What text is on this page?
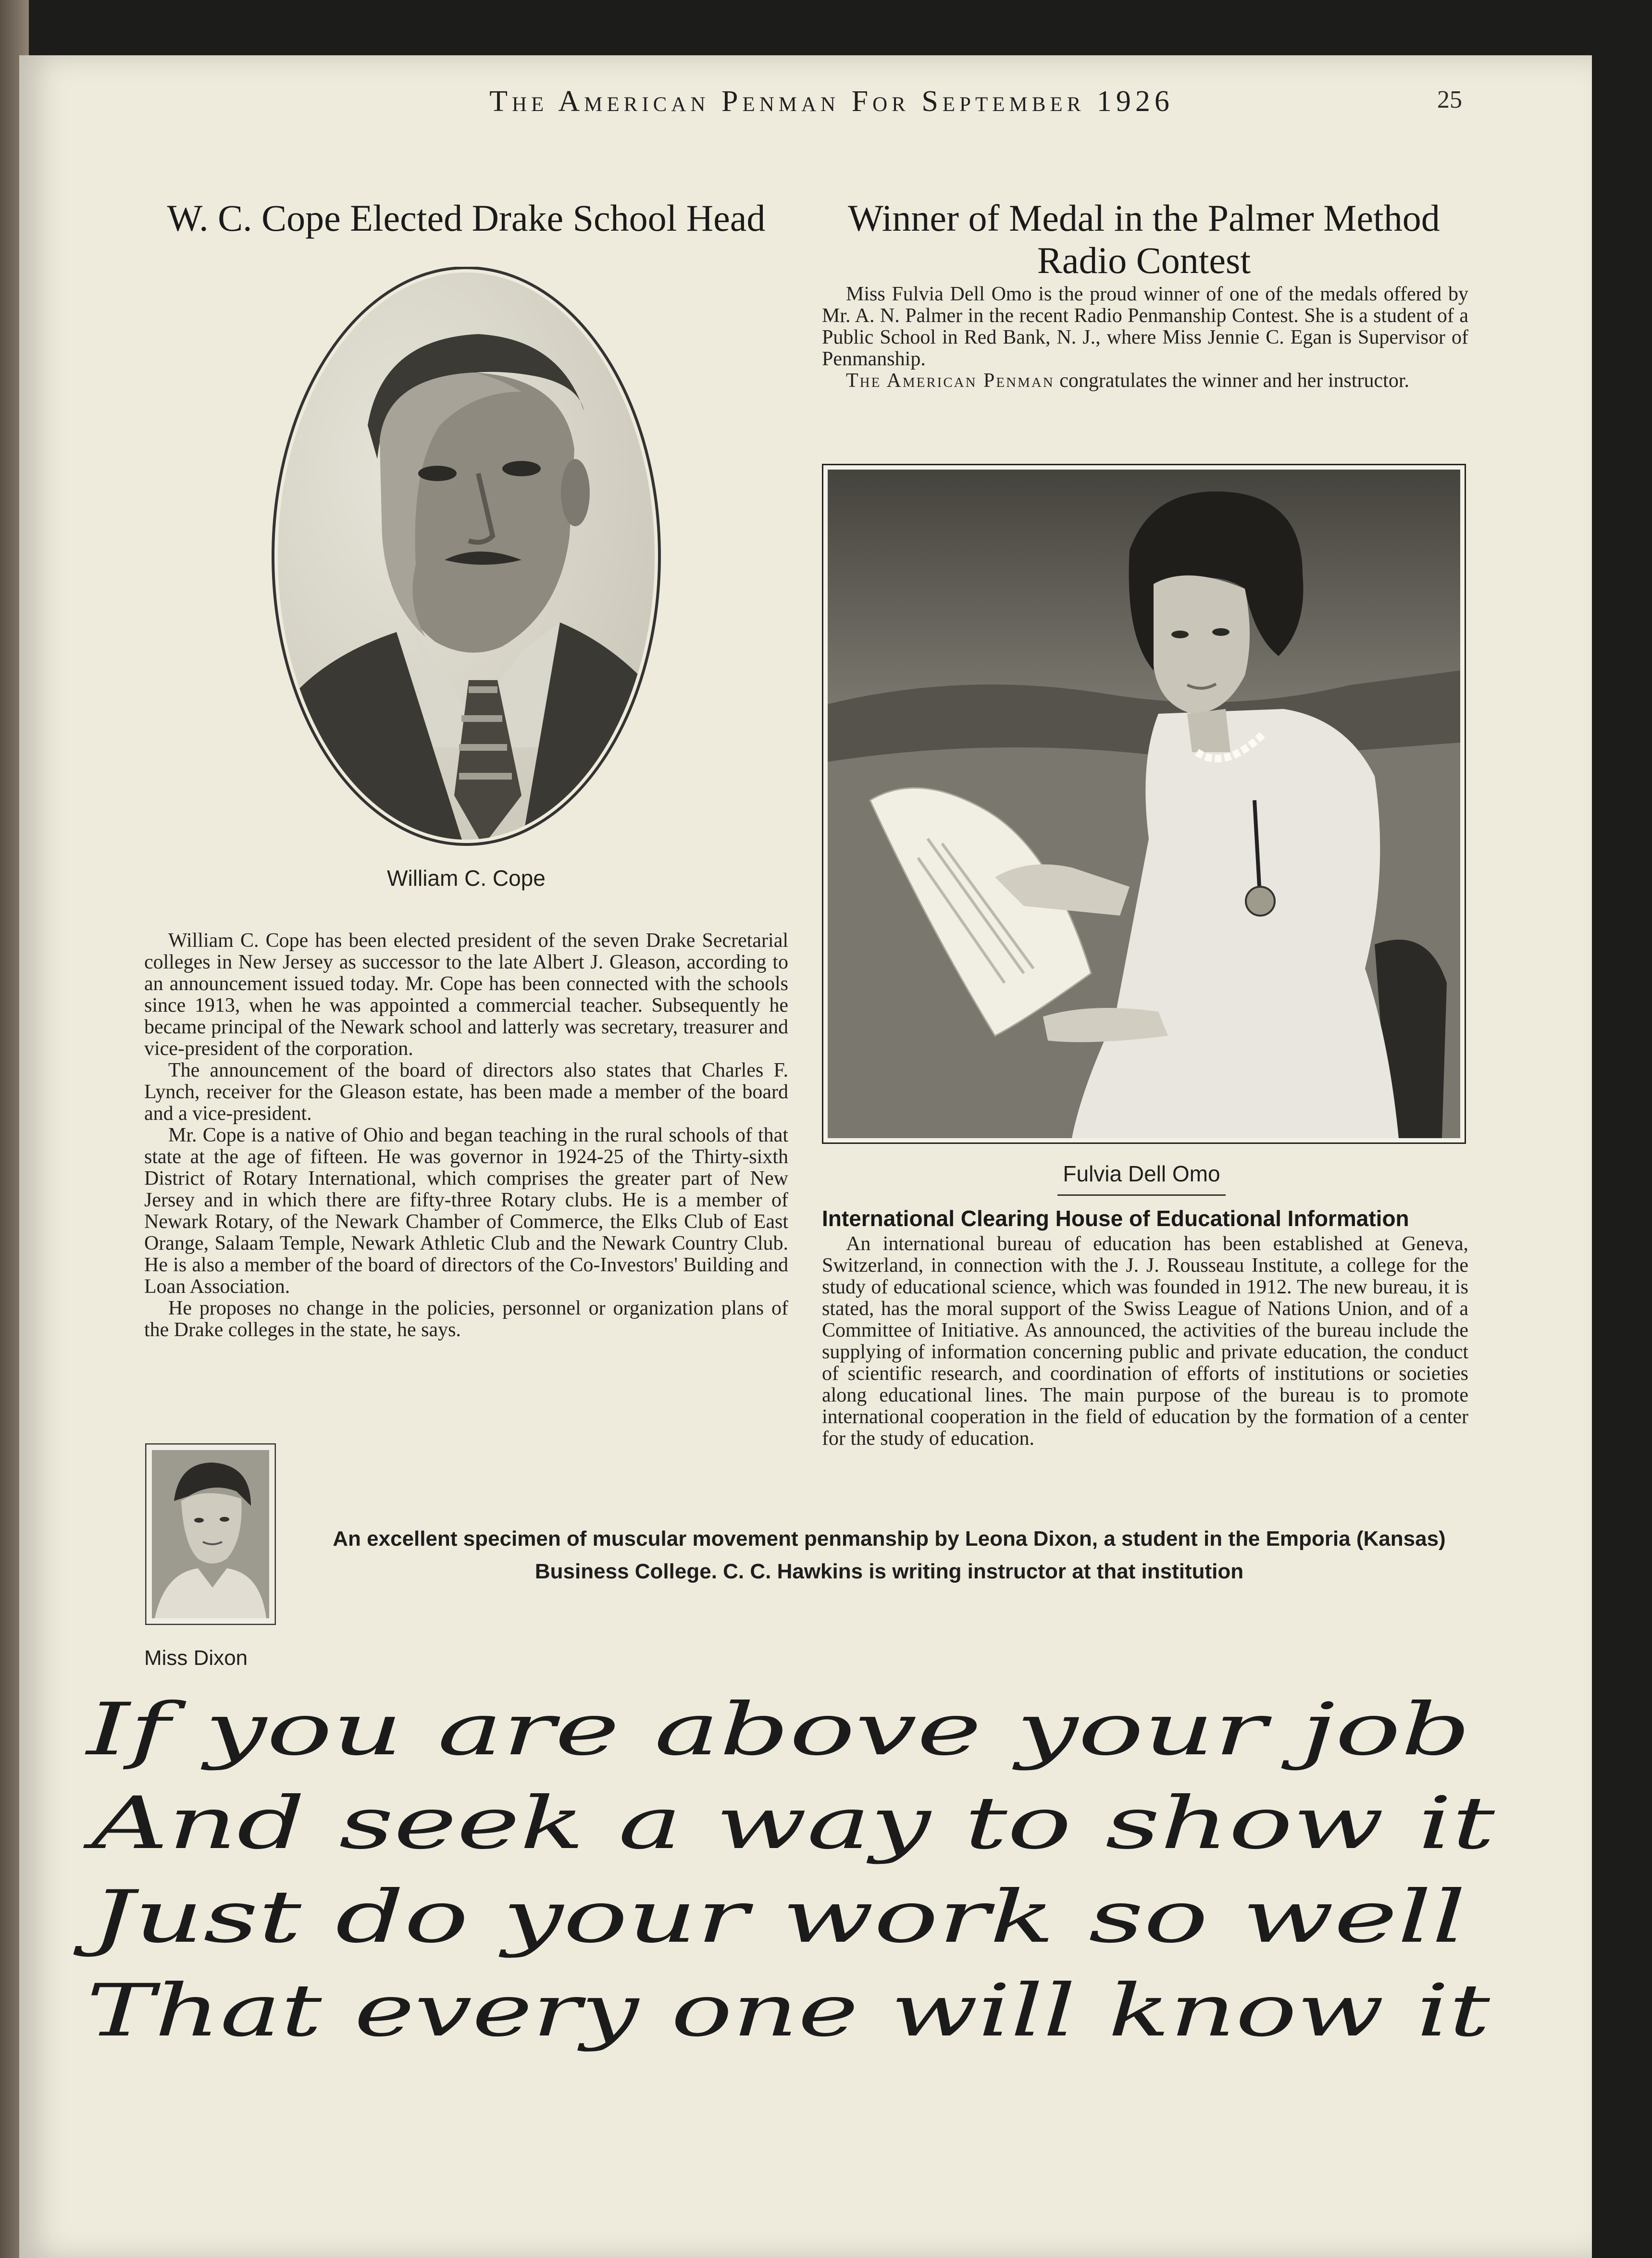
The American Penman For September 1926	25
W. C. Cope Elected Drake School Head
William C. Cope

William C. Cope has been elected president of the seven Drake Secretarial colleges in New Jersey as successor to the late Albert J. Gleason, according to an announcement issued today. Mr. Cope has been connected with the schools since 1913, when he was appointed a commercial teacher. Subsequently he became principal of the Newark school and latterly was secretary, treasurer and vice-president of the corporation.

The announcement of the board of directors also states that Charles F. Lynch, receiver for the Gleason estate, has been made a member of the board and a vice-president.

Mr. Cope is a native of Ohio and began teaching in the rural schools of that state at the age of fifteen. He was governor in 1924-25 of the Thirty-sixth District of Rotary International, which comprises the greater part of New Jersey and in which there are fifty-three Rotary clubs. He is a member of Newark Rotary, of the Newark Chamber of Commerce, the Elks Club of East Orange, Salaam Temple, Newark Athletic Club and the Newark Country Club. He is also a member of the board of directors of the Co-Investors' Building and Loan Association.

He proposes no change in the policies, personnel or organization plans of the Drake colleges in the state, he says.

Winner of Medal in the Palmer Method Radio Contest

Miss Fulvia Dell Omo is the proud winner of one of the medals offered by Mr. A. N. Palmer in the recent Radio Penmanship Contest. She is a student of a Public School in Red Bank, N. J., where Miss Jennie C. Egan is Supervisor of Penmanship.

The American Penman congratulates the winner and her instructor.

Fulvia Dell Omo
International Clearing House of Educational Information

An international bureau of education has been established at Geneva, Switzerland, in connection with the J. J. Rousseau Institute, a college for the study of educational science, which was founded in 1912. The new bureau, it is stated, has the moral support of the Swiss League of Nations Union, and of a Committee of Initiative. As announced, the activities of the bureau include the supplying of information concerning public and private education, the conduct of scientific research, and coordination of efforts of institutions or societies along educational lines. The main purpose of the bureau is to promote international cooperation in the field of education by the formation of a center for the study of education.

Miss Dixon
An excellent specimen of muscular movement penmanship by Leona Dixon, a student in the Emporia (Kansas) Business College. C. C. Hawkins is writing instructor at that institution
If you are above your job
And seek a way to show it
Just do your work so well
That every one will know it
